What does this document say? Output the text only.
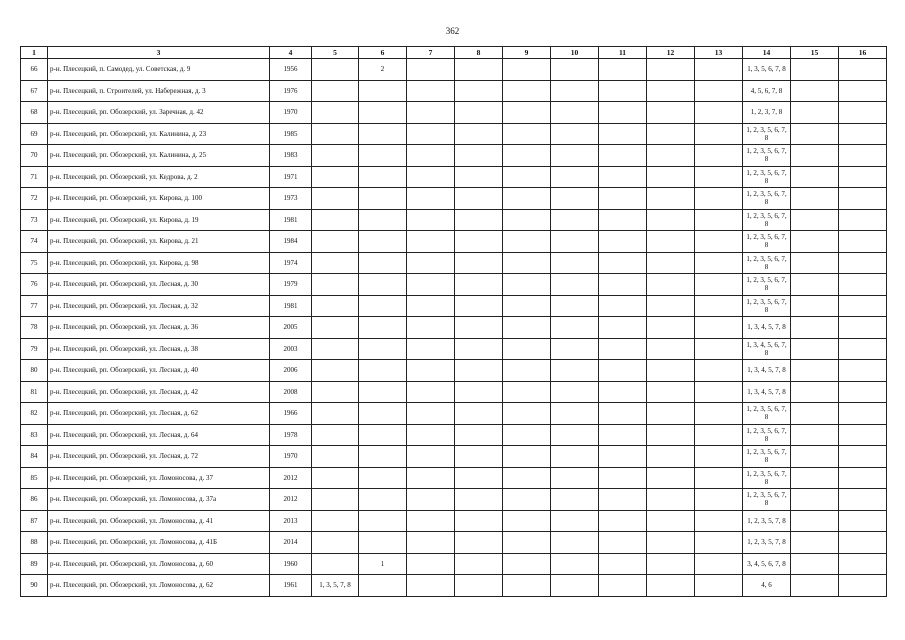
362
1	3	4	5	6	7	8	9	10	11	12	13	14	15	16
66	р-н. Плесецкий, п. Самодед, ул. Советская, д. 9	1956		2								1, 3, 5, 6, 7, 8		
67	р-н. Плесецкий, п. Строителей, ул. Набережная, д. 3	1976										4, 5, 6, 7, 8		
68	р-н. Плесецкий, рп. Обозерский, ул. Заречная, д. 42	1970										1, 2, 3, 7, 8		
69	р-н. Плесецкий, рп. Обозерский, ул. Калинина, д. 23	1985										1, 2, 3, 5, 6, 7, 8		
70	р-н. Плесецкий, рп. Обозерский, ул. Калинина, д. 25	1983										1, 2, 3, 5, 6, 7, 8		
71	р-н. Плесецкий, рп. Обозерский, ул. Кедрова, д. 2	1971										1, 2, 3, 5, 6, 7, 8		
72	р-н. Плесецкий, рп. Обозерский, ул. Кирова, д. 100	1973										1, 2, 3, 5, 6, 7, 8		
73	р-н. Плесецкий, рп. Обозерский, ул. Кирова, д. 19	1981										1, 2, 3, 5, 6, 7, 8		
74	р-н. Плесецкий, рп. Обозерский, ул. Кирова, д. 21	1984										1, 2, 3, 5, 6, 7, 8		
75	р-н. Плесецкий, рп. Обозерский, ул. Кирова, д. 98	1974										1, 2, 3, 5, 6, 7, 8		
76	р-н. Плесецкий, рп. Обозерский, ул. Лесная, д. 30	1979										1, 2, 3, 5, 6, 7, 8		
77	р-н. Плесецкий, рп. Обозерский, ул. Лесная, д. 32	1981										1, 2, 3, 5, 6, 7, 8		
78	р-н. Плесецкий, рп. Обозерский, ул. Лесная, д. 36	2005										1, 3, 4, 5, 7, 8		
79	р-н. Плесецкий, рп. Обозерский, ул. Лесная, д. 38	2003										1, 3, 4, 5, 6, 7, 8		
80	р-н. Плесецкий, рп. Обозерский, ул. Лесная, д. 40	2006										1, 3, 4, 5, 7, 8		
81	р-н. Плесецкий, рп. Обозерский, ул. Лесная, д. 42	2008										1, 3, 4, 5, 7, 8		
82	р-н. Плесецкий, рп. Обозерский, ул. Лесная, д. 62	1966										1, 2, 3, 5, 6, 7, 8		
83	р-н. Плесецкий, рп. Обозерский, ул. Лесная, д. 64	1978										1, 2, 3, 5, 6, 7, 8		
84	р-н. Плесецкий, рп. Обозерский, ул. Лесная, д. 72	1970										1, 2, 3, 5, 6, 7, 8		
85	р-н. Плесецкий, рп. Обозерский, ул. Ломоносова, д. 37	2012										1, 2, 3, 5, 6, 7, 8		
86	р-н. Плесецкий, рп. Обозерский, ул. Ломоносова, д. 37а	2012										1, 2, 3, 5, 6, 7, 8		
87	р-н. Плесецкий, рп. Обозерский, ул. Ломоносова, д. 41	2013										1, 2, 3, 5, 7, 8		
88	р-н. Плесецкий, рп. Обозерский, ул. Ломоносова, д. 41Б	2014										1, 2, 3, 5, 7, 8		
89	р-н. Плесецкий, рп. Обозерский, ул. Ломоносова, д. 60	1960		1								3, 4, 5, 6, 7, 8		
90	р-н. Плесецкий, рп. Обозерский, ул. Ломоносова, д. 62	1961	1, 3, 5, 7, 8									4, 6		
